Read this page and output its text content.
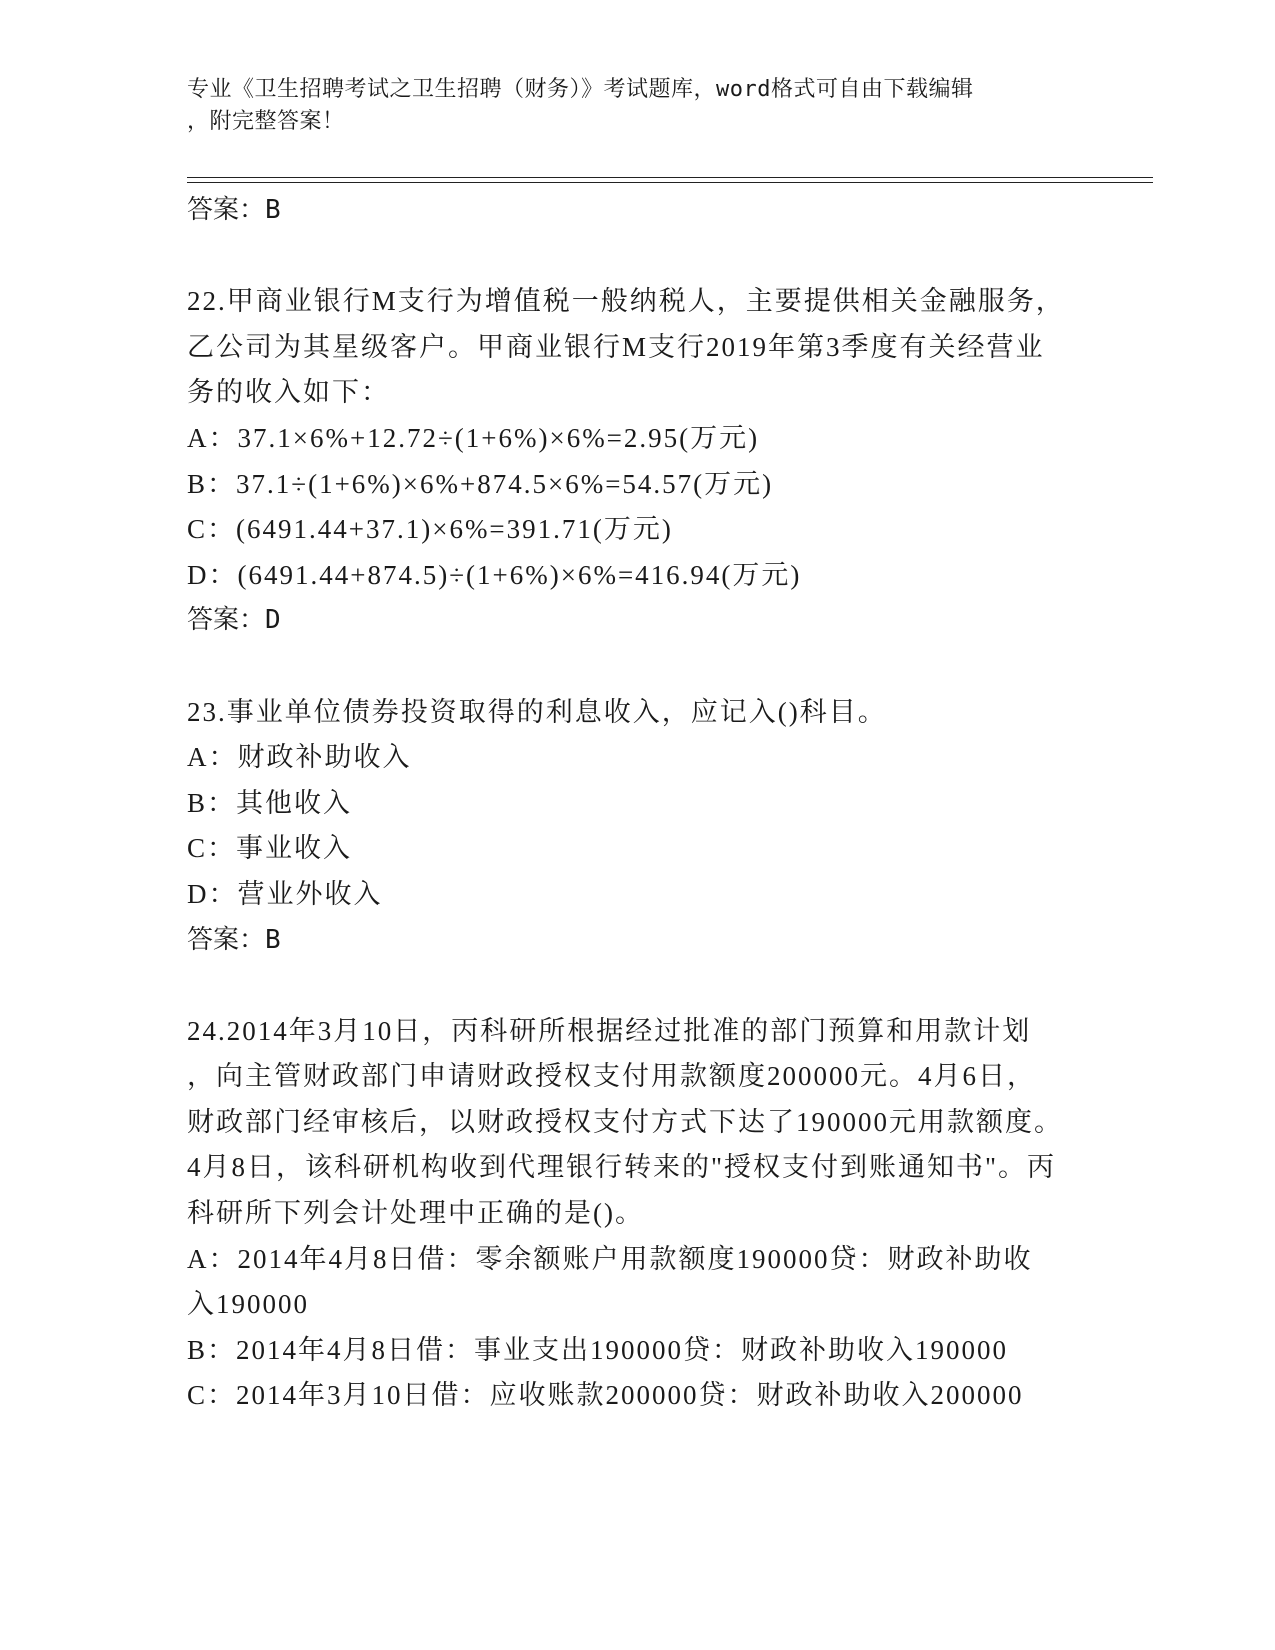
专业《卫生招聘考试之卫生招聘（财务）》考试题库，word格式可自由下载编辑
，附完整答案！
答案：B
22.甲商业银行M支行为增值税一般纳税人，主要提供相关金融服务，
乙公司为其星级客户。甲商业银行M支行2019年第3季度有关经营业
务的收入如下：
A：37.1×6%+12.72÷(1+6%)×6%=2.95(万元)
B：37.1÷(1+6%)×6%+874.5×6%=54.57(万元)
C：(6491.44+37.1)×6%=391.71(万元)
D：(6491.44+874.5)÷(1+6%)×6%=416.94(万元)
答案：D
23.事业单位债券投资取得的利息收入，应记入()科目。
A：财政补助收入
B：其他收入
C：事业收入
D：营业外收入
答案：B
24.2014年3月10日，丙科研所根据经过批准的部门预算和用款计划
，向主管财政部门申请财政授权支付用款额度200000元。4月6日，
财政部门经审核后，以财政授权支付方式下达了190000元用款额度。
4月8日，该科研机构收到代理银行转来的"授权支付到账通知书"。丙
科研所下列会计处理中正确的是()。
A：2014年4月8日借：零余额账户用款额度190000贷：财政补助收
入190000
B：2014年4月8日借：事业支出190000贷：财政补助收入190000
C：2014年3月10日借：应收账款200000贷：财政补助收入200000
